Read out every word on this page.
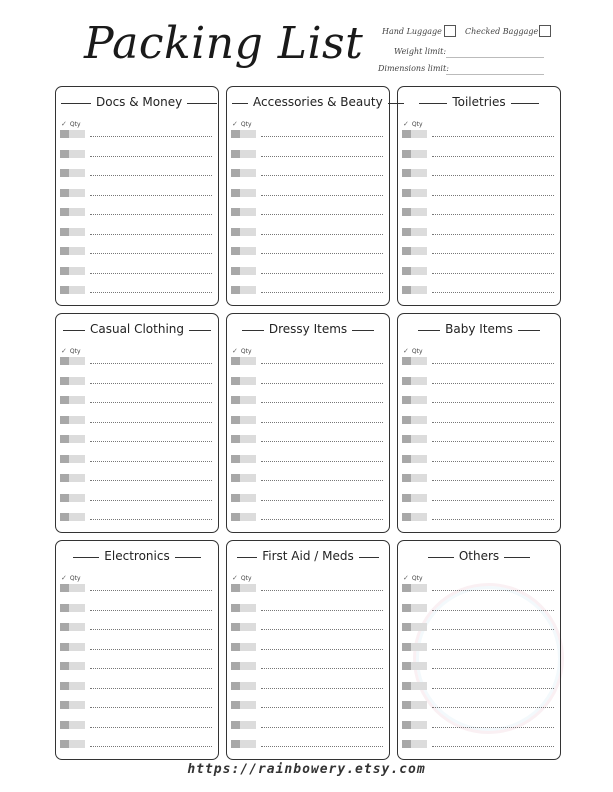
Packing List Hand Luggage	Checked Baggage
Weight limit:
Dimensions limit:
Docs & Money
✓ Qty
Accessories & Beauty
✓ Qty
Toiletries
✓ Qty
Casual Clothing
✓ Qty
Dressy Items
✓ Qty
Baby Items
✓ Qty
Electronics
✓ Qty
First Aid / Meds
✓ Qty
Others
✓ Qty
https://rainbowery.etsy.com
